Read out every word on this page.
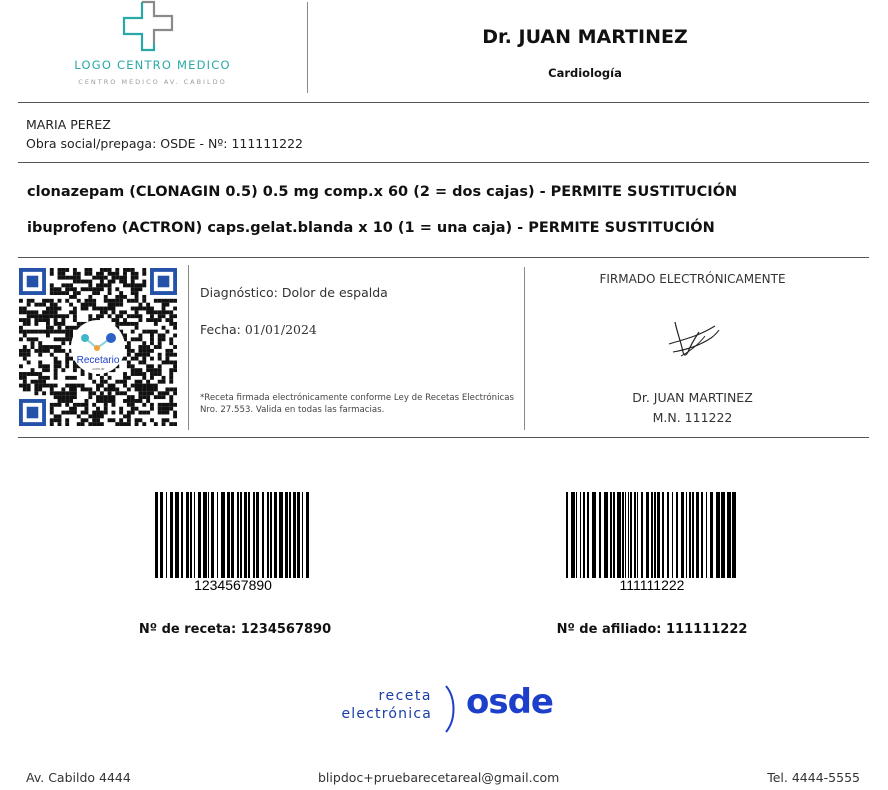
LOGO CENTRO MEDICO
CENTRO MEDICO AV. CABILDO
Dr. JUAN MARTINEZ
Cardiología
MARIA PEREZ
Obra social/prepaga: OSDE - Nº: 111111222
clonazepam (CLONAGIN 0.5) 0.5 mg comp.x 60 (2 = dos cajas) - PERMITE SUSTITUCIÓN
ibuprofeno (ACTRON) caps.gelat.blanda x 10 (1 = una caja) - PERMITE SUSTITUCIÓN
Recetario
.com.ar
Diagnóstico: Dolor de espalda
Fecha: 01/01/2024
*Receta firmada electrónicamente conforme Ley de Recetas Electrónicas Nro. 27.553. Valida en todas las farmacias.
FIRMADO ELECTRÓNICAMENTE
Dr. JUAN MARTINEZ
M.N. 111222
1234567890
Nº de receta: 1234567890
111111222
Nº de afiliado: 111111222
receta
electrónica osde
Av. Cabildo 4444	blipdoc+pruebarecetareal@gmail.com	Tel. 4444-5555
